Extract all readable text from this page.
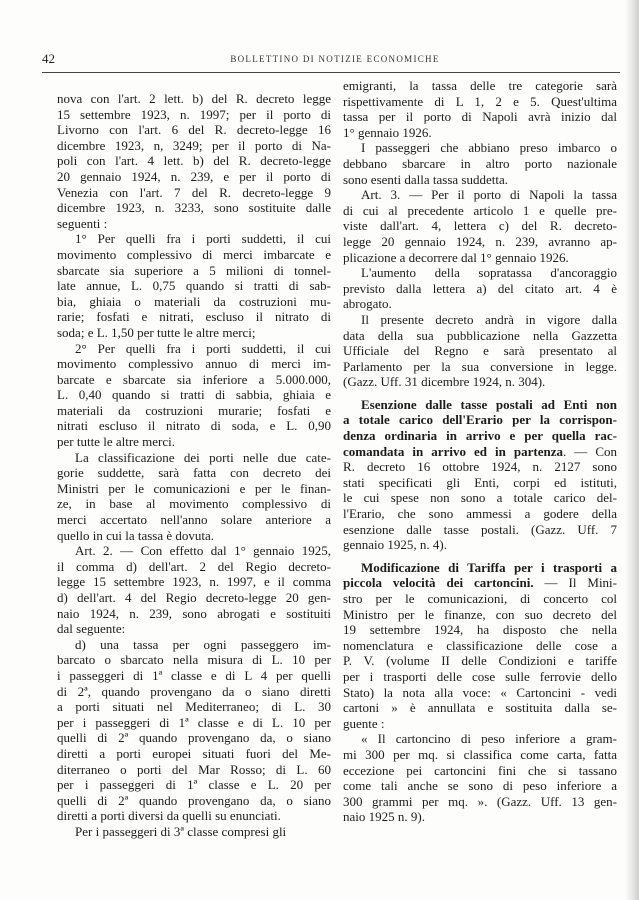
42	BOLLETTINO DI NOTIZIE ECONOMICHE
nova con l'art. 2 lett. b) del R. decreto legge
15 settembre 1923, n. 1997; per il porto di
Livorno con l'art. 6 del R. decreto-legge 16
dicembre 1923, n, 3249; per il porto di Na-
poli con l'art. 4 lett. b) del R. decreto-legge
20 gennaio 1924, n. 239, e per il porto di
Venezia con l'art. 7 del R. decreto-legge 9
dicembre 1923, n. 3233, sono sostituite dalle
seguenti :
1° Per quelli fra i porti suddetti, il cui
movimento complessivo di merci imbarcate e
sbarcate sia superiore a 5 milioni di tonnel-
late annue, L. 0,75 quando si tratti di sab-
bia, ghiaia o materiali da costruzioni mu-
rarie; fosfati e nitrati, escluso il nitrato di
soda; e L. 1,50 per tutte le altre merci;
2° Per quelli fra i porti suddetti, il cui
movimento complessivo annuo di merci im-
barcate e sbarcate sia inferiore a 5.000.000,
L. 0,40 quando si tratti di sabbia, ghiaia e
materiali da costruzioni murarie; fosfati e
nitrati escluso il nitrato di soda, e L. 0,90
per tutte le altre merci.
La classificazione dei porti nelle due cate-
gorie suddette, sarà fatta con decreto dei
Ministri per le comunicazioni e per le finan-
ze, in base al movimento complessivo di
merci accertato nell'anno solare anteriore a
quello in cui la tassa è dovuta.
Art. 2. — Con effetto dal 1° gennaio 1925,
il comma d) dell'art. 2 del Regio decreto-
legge 15 settembre 1923, n. 1997, e il comma
d) dell'art. 4 del Regio decreto-legge 20 gen-
naio 1924, n. 239, sono abrogati e sostituiti
dal seguente:
d) una tassa per ogni passeggero im-
barcato o sbarcato nella misura di L. 10 per
i passeggeri di 1ª classe e di L 4 per quelli
di 2ª, quando provengano da o siano diretti
a porti situati nel Mediterraneo; di L. 30
per i passeggeri di 1ª classe e di L. 10 per
quelli di 2ª quando provengano da, o siano
diretti a porti europei situati fuori del Me-
diterraneo o porti del Mar Rosso; di L. 60
per i passeggeri di 1ª classe e L. 20 per
quelli di 2ª quando provengano da, o siano
diretti a porti diversi da quelli su enunciati.
Per i passeggeri di 3ª classe compresi gli
emigranti, la tassa delle tre categorie sarà
rispettivamente di L 1, 2 e 5. Quest'ultima
tassa per il porto di Napoli avrà inizio dal
1° gennaio 1926.
I passeggeri che abbiano preso imbarco o
debbano sbarcare in altro porto nazionale
sono esenti dalla tassa suddetta.
Art. 3. — Per il porto di Napoli la tassa
di cui al precedente articolo 1 e quelle pre-
viste dall'art. 4, lettera c) del R. decreto-
legge 20 gennaio 1924, n. 239, avranno ap-
plicazione a decorrere dal 1° gennaio 1926.
L'aumento della sopratassa d'ancoraggio
previsto dalla lettera a) del citato art. 4 è
abrogato.
Il presente decreto andrà in vigore dalla
data della sua pubblicazione nella Gazzetta
Ufficiale del Regno e sarà presentato al
Parlamento per la sua conversione in legge.
(Gazz. Uff. 31 dicembre 1924, n. 304).
Esenzione dalle tasse postali ad Enti non
a totale carico dell'Erario per la corrispon-
denza ordinaria in arrivo e per quella rac-
comandata in arrivo ed in partenza. — Con
R. decreto 16 ottobre 1924, n. 2127 sono
stati specificati gli Enti, corpi ed istituti,
le cui spese non sono a totale carico del-
l'Erario, che sono ammessi a godere della
esenzione dalle tasse postali. (Gazz. Uff. 7
gennaio 1925, n. 4).
Modificazione di Tariffa per i trasporti a
piccola velocità dei cartoncini. — Il Mini-
stro per le comunicazioni, di concerto col
Ministro per le finanze, con suo decreto del
19 settembre 1924, ha disposto che nella
nomenclatura e classificazione delle cose a
P. V. (volume II delle Condizioni e tariffe
per i trasporti delle cose sulle ferrovie dello
Stato) la nota alla voce: « Cartoncini - vedi
cartoni » è annullata e sostituita dalla se-
guente :
« Il cartoncino di peso inferiore a gram-
mi 300 per mq. si classifica come carta, fatta
eccezione pei cartoncini fini che si tassano
come tali anche se sono di peso inferiore a
300 grammi per mq. ». (Gazz. Uff. 13 gen-
naio 1925 n. 9).
